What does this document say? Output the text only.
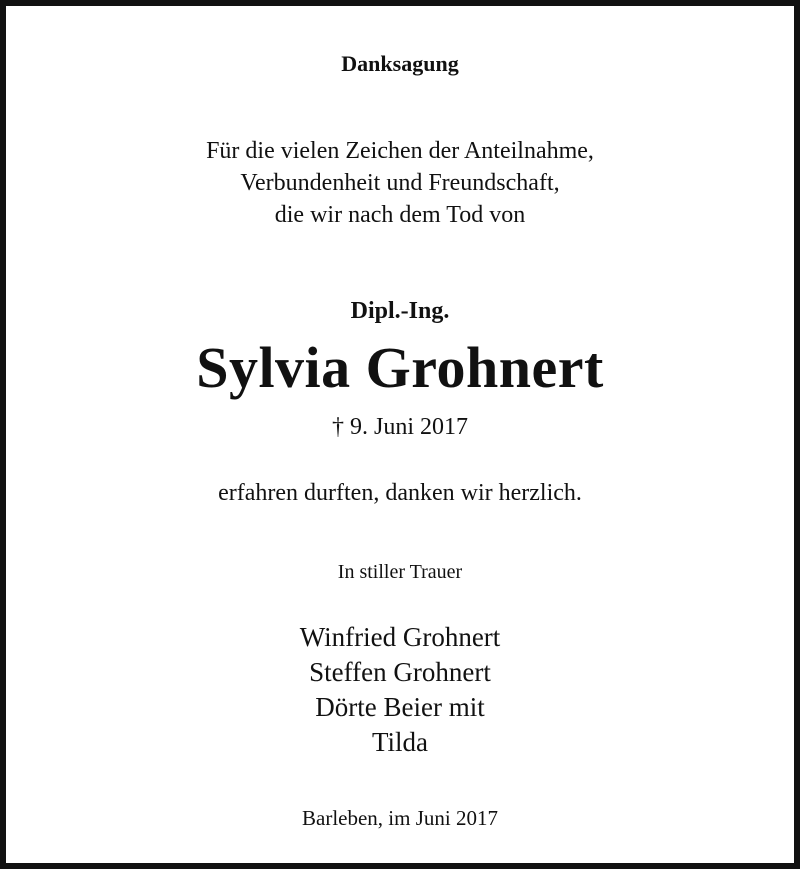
Danksagung
Für die vielen Zeichen der Anteilnahme,
Verbundenheit und Freundschaft,
die wir nach dem Tod von
Dipl.-Ing.
Sylvia Grohnert
† 9. Juni 2017
erfahren durften, danken wir herzlich.
In stiller Trauer
Winfried Grohnert
Steffen Grohnert
Dörte Beier mit
Tilda
Barleben, im Juni 2017
